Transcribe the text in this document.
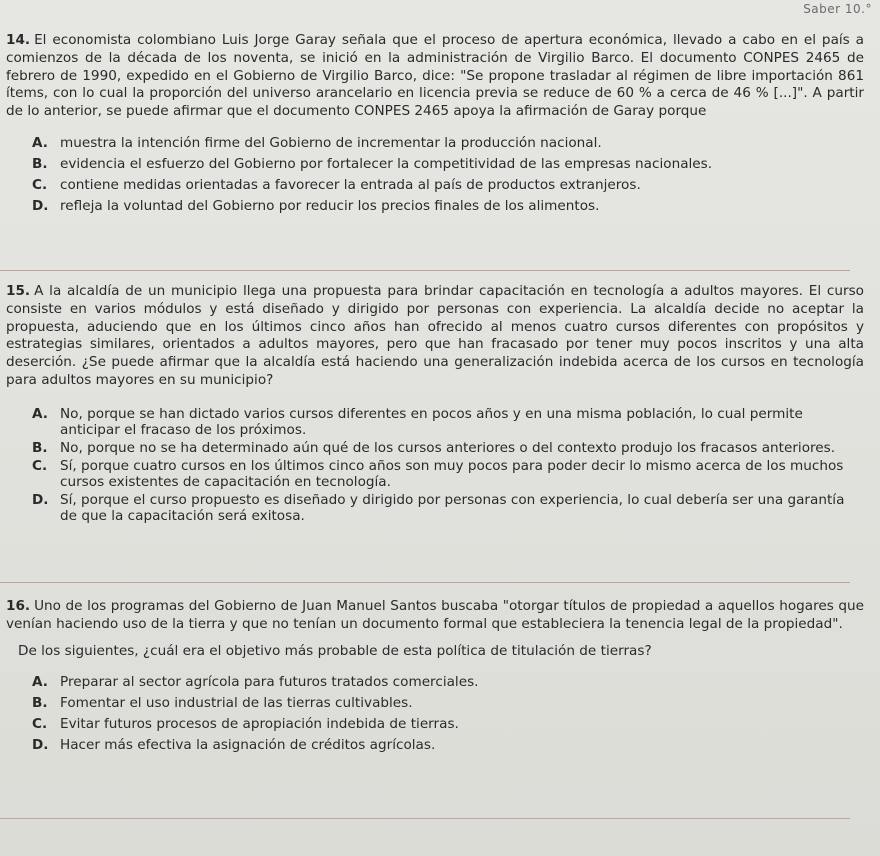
Saber 10.°

14. El economista colombiano Luis Jorge Garay señala que el proceso de apertura económica, llevado a cabo en el país a comienzos de la década de los noventa, se inició en la administración de Virgilio Barco. El documento CONPES 2465 de febrero de 1990, expedido en el Gobierno de Virgilio Barco, dice: "Se propone trasladar al régimen de libre importación 861 ítems, con lo cual la proporción del universo arancelario en licencia previa se reduce de 60 % a cerca de 46 % [...]". A partir de lo anterior, se puede afirmar que el documento CONPES 2465 apoya la afirmación de Garay porque

A. muestra la intención firme del Gobierno de incrementar la producción nacional.
B. evidencia el esfuerzo del Gobierno por fortalecer la competitividad de las empresas nacionales.
C. contiene medidas orientadas a favorecer la entrada al país de productos extranjeros.
D. refleja la voluntad del Gobierno por reducir los precios finales de los alimentos.

15. A la alcaldía de un municipio llega una propuesta para brindar capacitación en tecnología a adultos mayores. El curso consiste en varios módulos y está diseñado y dirigido por personas con experiencia. La alcaldía decide no aceptar la propuesta, aduciendo que en los últimos cinco años han ofrecido al menos cuatro cursos diferentes con propósitos y estrategias similares, orientados a adultos mayores, pero que han fracasado por tener muy pocos inscritos y una alta deserción. ¿Se puede afirmar que la alcaldía está haciendo una generalización indebida acerca de los cursos en tecnología para adultos mayores en su municipio?

A. No, porque se han dictado varios cursos diferentes en pocos años y en una misma población, lo cual permite anticipar el fracaso de los próximos.
B. No, porque no se ha determinado aún qué de los cursos anteriores o del contexto produjo los fracasos anteriores.
C. Sí, porque cuatro cursos en los últimos cinco años son muy pocos para poder decir lo mismo acerca de los muchos cursos existentes de capacitación en tecnología.
D. Sí, porque el curso propuesto es diseñado y dirigido por personas con experiencia, lo cual debería ser una garantía de que la capacitación será exitosa.

16. Uno de los programas del Gobierno de Juan Manuel Santos buscaba "otorgar títulos de propiedad a aquellos hogares que venían haciendo uso de la tierra y que no tenían un documento formal que estableciera la tenencia legal de la propiedad".

De los siguientes, ¿cuál era el objetivo más probable de esta política de titulación de tierras?

A. Preparar al sector agrícola para futuros tratados comerciales.
B. Fomentar el uso industrial de las tierras cultivables.
C. Evitar futuros procesos de apropiación indebida de tierras.
D. Hacer más efectiva la asignación de créditos agrícolas.
